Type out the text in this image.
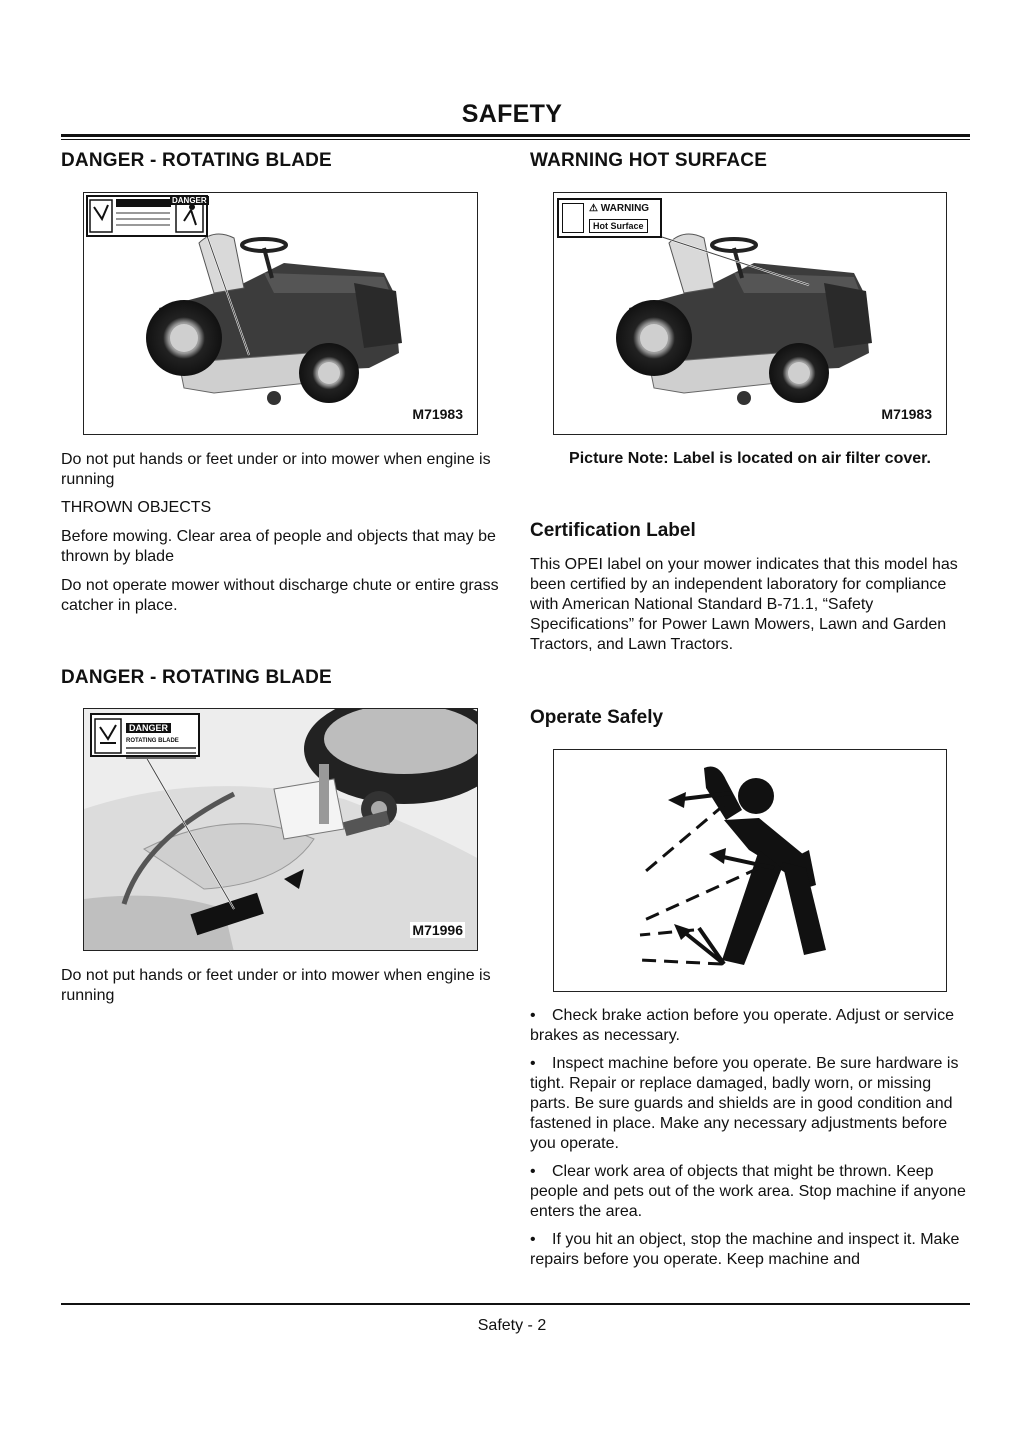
SAFETY
DANGER - ROTATING BLADE
M71983

Do not put hands or feet under or into mower when engine is running

THROWN OBJECTS

Before mowing. Clear area of people and objects that may be thrown by blade

Do not operate mower without discharge chute or entire grass catcher in place.

DANGER - ROTATING BLADE
DANGER
ROTATING BLADE
M71996

Do not put hands or feet under or into mower when engine is running

WARNING HOT SURFACE
⚠ WARNING
Hot Surface
M71983
Picture Note: Label is located on air filter cover.
Certification Label

This OPEI label on your mower indicates that this model has been certified by an independent laboratory for compliance with American National Standard B-71.1, “Safety Specifications” for Power Lawn Mowers, Lawn and Garden Tractors, and Lawn Tractors.

Operate Safely

• Check brake action before you operate. Adjust or service brakes as necessary.

• Inspect machine before you operate. Be sure hardware is tight. Repair or replace damaged, badly worn, or missing parts. Be sure guards and shields are in good condition and fastened in place. Make any necessary adjustments before you operate.

• Clear work area of objects that might be thrown. Keep people and pets out of the work area. Stop machine if anyone enters the area.

• If you hit an object, stop the machine and inspect it. Make repairs before you operate. Keep machine and

Safety - 2
DANGER
